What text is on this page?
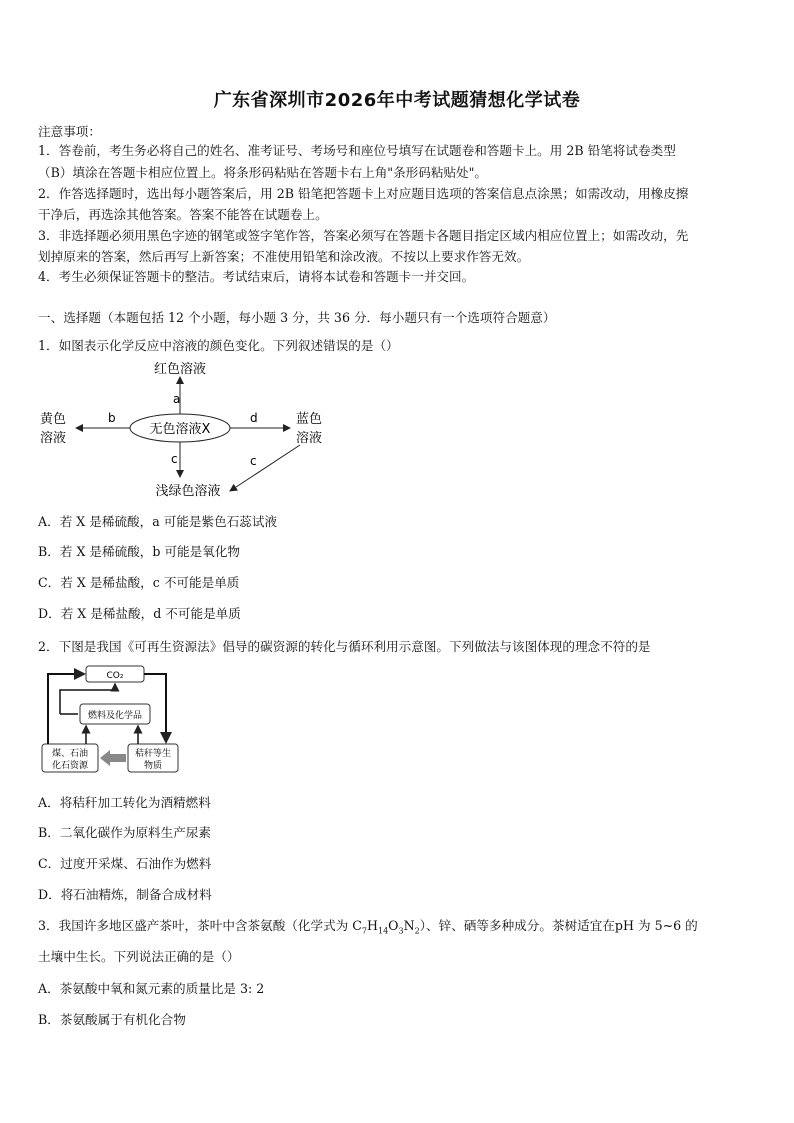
广东省深圳市2026年中考试题猜想化学试卷
注意事项：
1．答卷前，考生务必将自己的姓名、准考证号、考场号和座位号填写在试题卷和答题卡上。用 2B 铅笔将试卷类型
（B）填涂在答题卡相应位置上。将条形码粘贴在答题卡右上角"条形码粘贴处"。
2．作答选择题时，选出每小题答案后，用 2B 铅笔把答题卡上对应题目选项的答案信息点涂黑；如需改动，用橡皮擦
干净后，再选涂其他答案。答案不能答在试题卷上。
3．非选择题必须用黑色字迹的钢笔或签字笔作答，答案必须写在答题卡各题目指定区域内相应位置上；如需改动，先
划掉原来的答案，然后再写上新答案；不准使用铅笔和涂改液。不按以上要求作答无效。
4．考生必须保证答题卡的整洁。考试结束后，请将本试卷和答题卡一并交回。
一、选择题（本题包括 12 个小题，每小题 3 分，共 36 分．每小题只有一个选项符合题意）
1．如图表示化学反应中溶液的颜色变化。下列叙述错误的是（）
无色溶液X
红色溶液
a
b
黄色
溶液
d	蓝色
溶液
c
浅绿色溶液
c
A．若 X 是稀硫酸，a 可能是紫色石蕊试液
B．若 X 是稀硫酸，b 可能是氧化物
C．若 X 是稀盐酸，c 不可能是单质
D．若 X 是稀盐酸，d 不可能是单质
2．下图是我国《可再生资源法》倡导的碳资源的转化与循环利用示意图。下列做法与该图体现的理念不符的是
CO₂
燃料及化学品
煤、石油
化石资源
秸秆等生
物质
A．将秸秆加工转化为酒精燃料
B．二氧化碳作为原料生产尿素
C．过度开采煤、石油作为燃料
D．将石油精炼，制备合成材料
3．我国许多地区盛产茶叶，茶叶中含茶氨酸（化学式为 $C_7H_{14}O_3N_2$）、锌、硒等多种成分。茶树适宜在pH 为 5~6 的
土壤中生长。下列说法正确的是（）
A．茶氨酸中氧和氮元素的质量比是 3: 2
B．茶氨酸属于有机化合物
